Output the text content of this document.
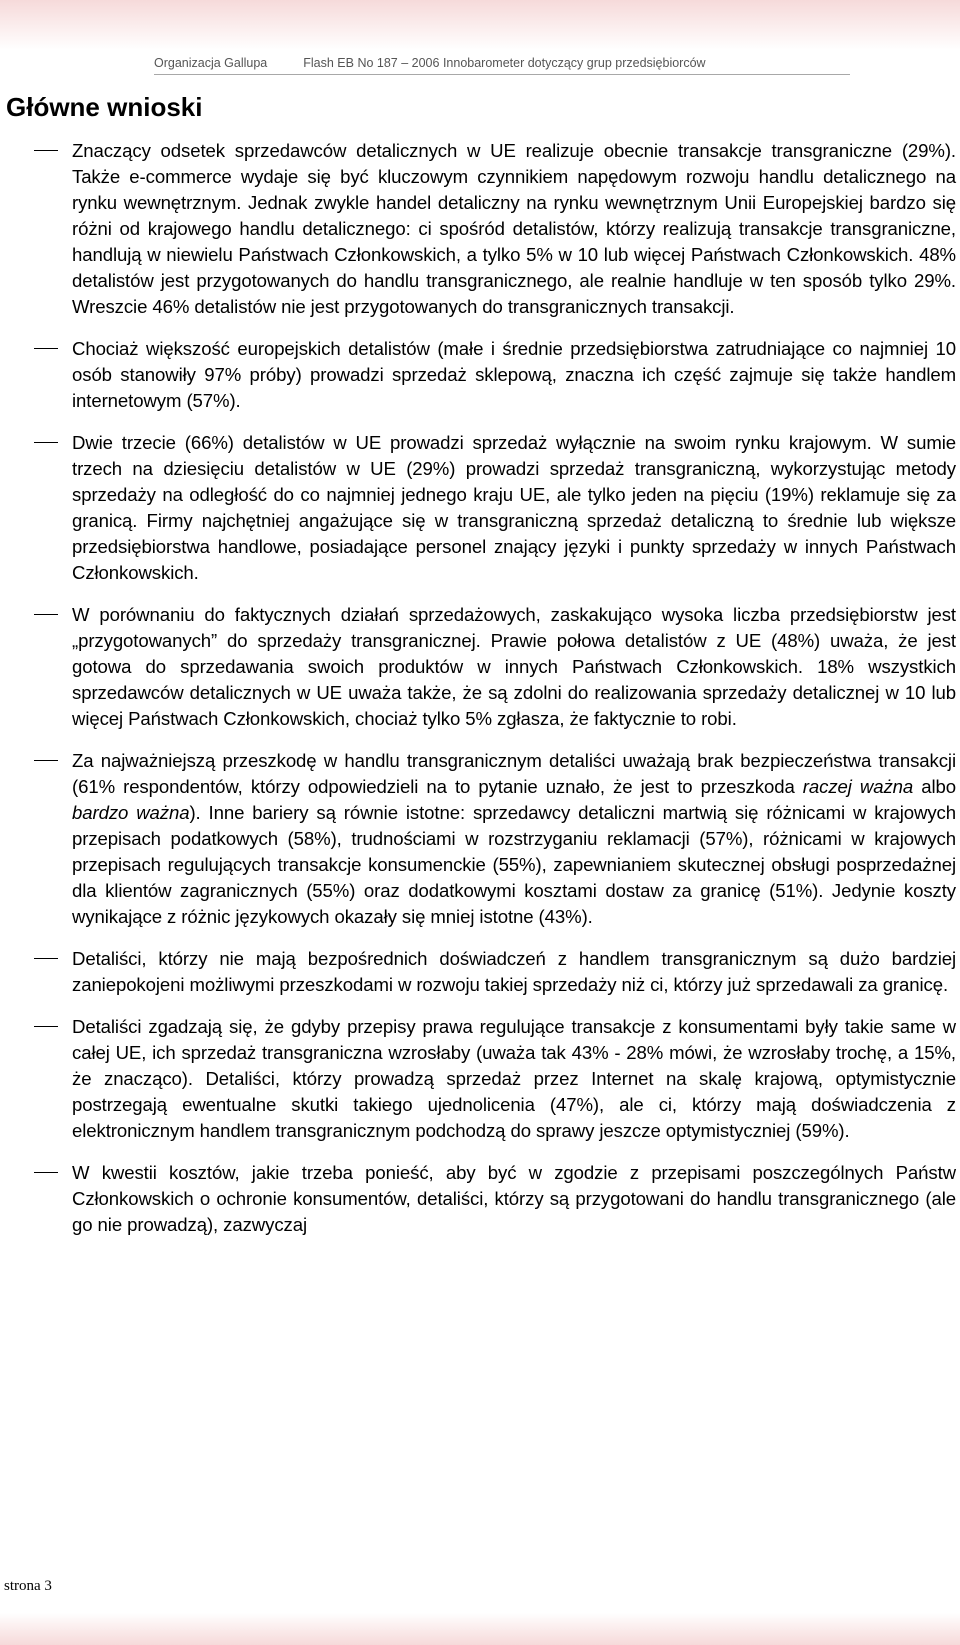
Organizacja Gallupa	Flash EB No 187 – 2006 Innobarometer dotyczący grup przedsiębiorców
Główne wnioski

Znaczący odsetek sprzedawców detalicznych w UE realizuje obecnie transakcje transgraniczne (29%). Także e-commerce wydaje się być kluczowym czynnikiem napędowym rozwoju handlu detalicznego na rynku wewnętrznym. Jednak zwykle handel detaliczny na rynku wewnętrznym Unii Europejskiej bardzo się różni od krajowego handlu detalicznego: ci spośród detalistów, którzy realizują transakcje transgraniczne, handlują w niewielu Państwach Członkowskich, a tylko 5% w 10 lub więcej Państwach Członkowskich. 48% detalistów jest przygotowanych do handlu transgranicznego, ale realnie handluje w ten sposób tylko 29%. Wreszcie 46% detalistów nie jest przygotowanych do transgranicznych transakcji.

Chociaż większość europejskich detalistów (małe i średnie przedsiębiorstwa zatrudniające co najmniej 10 osób stanowiły 97% próby) prowadzi sprzedaż sklepową, znaczna ich część zajmuje się także handlem internetowym (57%).

Dwie trzecie (66%) detalistów w UE prowadzi sprzedaż wyłącznie na swoim rynku krajowym. W sumie trzech na dziesięciu detalistów w UE (29%) prowadzi sprzedaż transgraniczną, wykorzystując metody sprzedaży na odległość do co najmniej jednego kraju UE, ale tylko jeden na pięciu (19%) reklamuje się za granicą. Firmy najchętniej angażujące się w transgraniczną sprzedaż detaliczną to średnie lub większe przedsiębiorstwa handlowe, posiadające personel znający języki i punkty sprzedaży w innych Państwach Członkowskich.

W porównaniu do faktycznych działań sprzedażowych, zaskakująco wysoka liczba przedsiębiorstw jest „przygotowanych” do sprzedaży transgranicznej. Prawie połowa detalistów z UE (48%) uważa, że jest gotowa do sprzedawania swoich produktów w innych Państwach Członkowskich. 18% wszystkich sprzedawców detalicznych w UE uważa także, że są zdolni do realizowania sprzedaży detalicznej w 10 lub więcej Państwach Członkowskich, chociaż tylko 5% zgłasza, że faktycznie to robi.

Za najważniejszą przeszkodę w handlu transgranicznym detaliści uważają brak bezpieczeństwa transakcji (61% respondentów, którzy odpowiedzieli na to pytanie uznało, że jest to przeszkoda raczej ważna albo bardzo ważna). Inne bariery są równie istotne: sprzedawcy detaliczni martwią się różnicami w krajowych przepisach podatkowych (58%), trudnościami w rozstrzyganiu reklamacji (57%), różnicami w krajowych przepisach regulujących transakcje konsumenckie (55%), zapewnianiem skutecznej obsługi posprzedażnej dla klientów zagranicznych (55%) oraz dodatkowymi kosztami dostaw za granicę (51%). Jedynie koszty wynikające z różnic językowych okazały się mniej istotne (43%).

Detaliści, którzy nie mają bezpośrednich doświadczeń z handlem transgranicznym są dużo bardziej zaniepokojeni możliwymi przeszkodami w rozwoju takiej sprzedaży niż ci, którzy już sprzedawali za granicę.

Detaliści zgadzają się, że gdyby przepisy prawa regulujące transakcje z konsumentami były takie same w całej UE, ich sprzedaż transgraniczna wzrosłaby (uważa tak 43% - 28% mówi, że wzrosłaby trochę, a 15%, że znacząco). Detaliści, którzy prowadzą sprzedaż przez Internet na skalę krajową, optymistycznie postrzegają ewentualne skutki takiego ujednolicenia (47%), ale ci, którzy mają doświadczenia z elektronicznym handlem transgranicznym podchodzą do sprawy jeszcze optymistyczniej (59%).

W kwestii kosztów, jakie trzeba ponieść, aby być w zgodzie z przepisami poszczególnych Państw Członkowskich o ochronie konsumentów, detaliści, którzy są przygotowani do handlu transgranicznego (ale go nie prowadzą), zazwyczaj

strona 3
